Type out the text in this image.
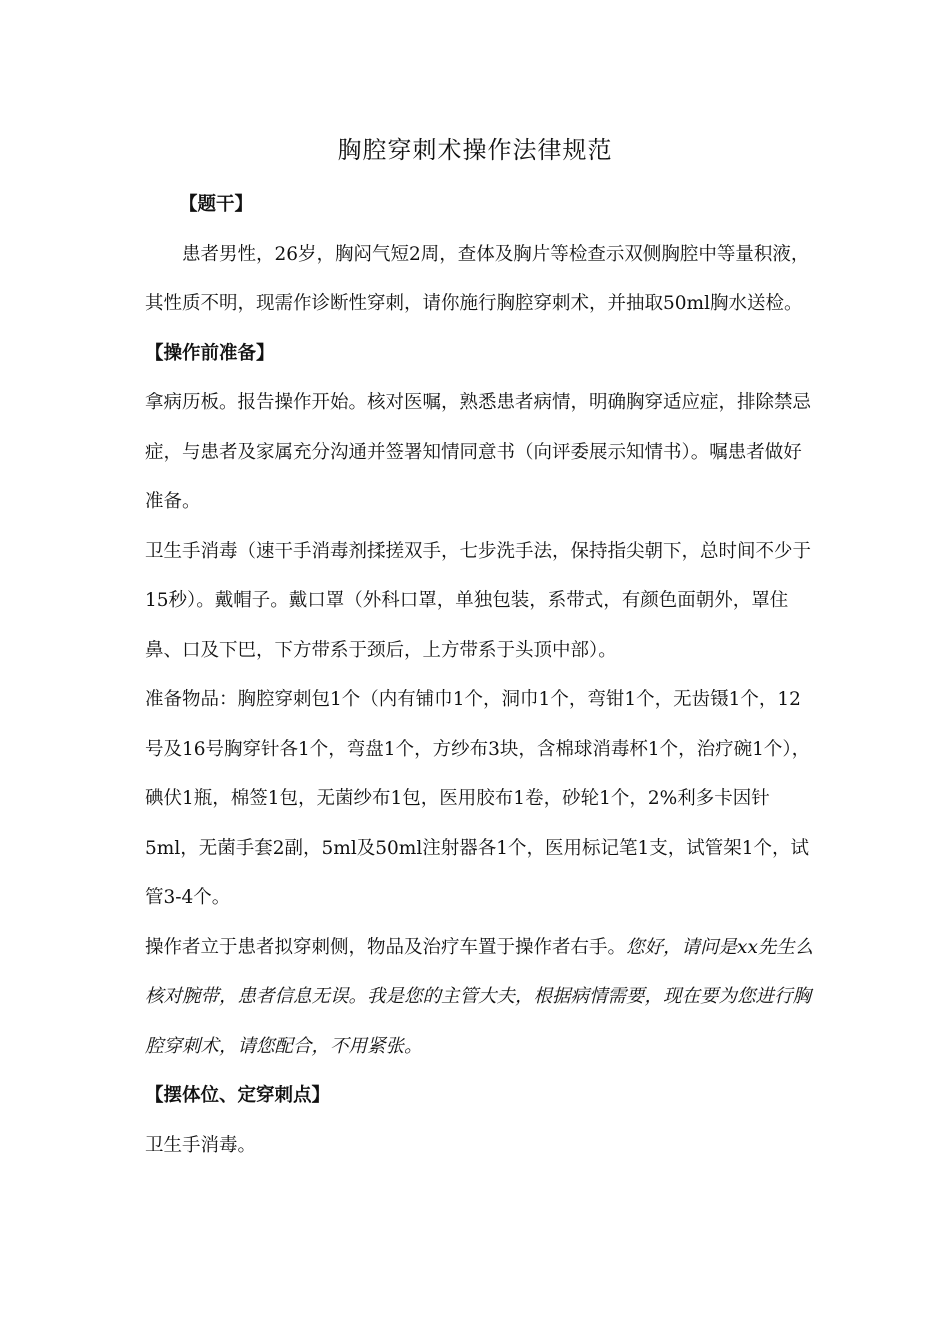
胸腔穿刺术操作法律规范

【题干】

患者男性，26岁，胸闷气短2周，查体及胸片等检查示双侧胸腔中等量积液，其性质不明，现需作诊断性穿刺，请你施行胸腔穿刺术，并抽取50ml胸水送检。

【操作前准备】

拿病历板。报告操作开始。核对医嘱，熟悉患者病情，明确胸穿适应症，排除禁忌症，与患者及家属充分沟通并签署知情同意书（向评委展示知情书）。嘱患者做好准备。

卫生手消毒（速干手消毒剂揉搓双手，七步洗手法，保持指尖朝下，总时间不少于15秒）。戴帽子。戴口罩（外科口罩，单独包装，系带式，有颜色面朝外，罩住鼻、口及下巴，下方带系于颈后，上方带系于头顶中部）。

准备物品：胸腔穿刺包1个（内有铺巾1个，洞巾1个，弯钳1个，无齿镊1个，12号及16号胸穿针各1个，弯盘1个，方纱布3块，含棉球消毒杯1个，治疗碗1个），碘伏1瓶，棉签1包，无菌纱布1包，医用胶布1卷，砂轮1个，2%利多卡因针5ml，无菌手套2副，5ml及50ml注射器各1个，医用标记笔1支，试管架1个，试管3-4个。

操作者立于患者拟穿刺侧，物品及治疗车置于操作者右手。您好，请问是xx先生么核对腕带，患者信息无误。我是您的主管大夫，根据病情需要，现在要为您进行胸腔穿刺术，请您配合，不用紧张。

【摆体位、定穿刺点】

卫生手消毒。
